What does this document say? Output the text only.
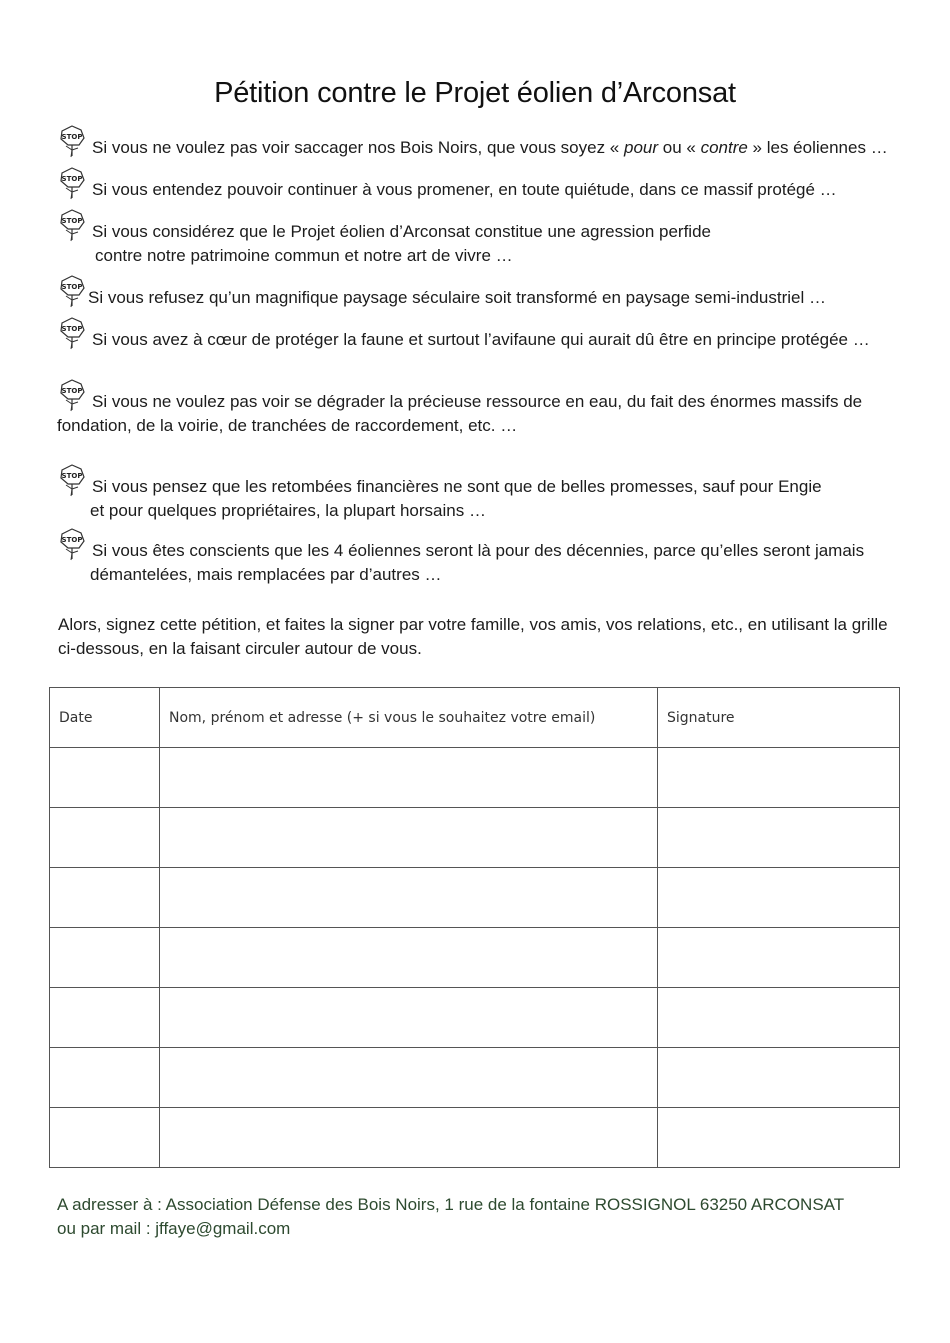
Pétition contre le Projet éolien d’Arconsat
STOP
Si vous ne voulez pas voir saccager nos Bois Noirs, que vous soyez « pour ou « contre » les éoliennes …
STOP
Si vous entendez pouvoir continuer à vous promener, en toute quiétude, dans ce massif protégé …
STOP
Si vous considérez que le Projet éolien d’Arconsat constitue une agression perfide
contre notre patrimoine commun et notre art de vivre …
STOP
Si vous refusez qu’un magnifique paysage séculaire soit transformé en paysage semi-industriel …
STOP
Si vous avez à cœur de protéger la faune et surtout l’avifaune qui aurait dû être en principe protégée …
STOP
Si vous ne voulez pas voir se dégrader la précieuse ressource en eau, du fait des énormes massifs de
fondation, de la voirie, de tranchées de raccordement, etc. …
STOP
Si vous pensez que les retombées financières ne sont que de belles promesses, sauf pour Engie
et pour quelques propriétaires, la plupart horsains …
STOP
Si vous êtes conscients que les 4 éoliennes seront là pour des décennies, parce qu’elles seront jamais
démantelées, mais remplacées par d’autres …
Alors, signez cette pétition, et faites la signer par votre famille, vos amis, vos relations, etc., en utilisant la grille
ci-dessous, en la faisant circuler autour de vous.
Date	Nom, prénom et adresse (+ si vous le souhaitez votre email)	Signature

A adresser à : Association Défense des Bois Noirs, 1 rue de la fontaine ROSSIGNOL 63250 ARCONSAT
ou par mail : jffaye@gmail.com
